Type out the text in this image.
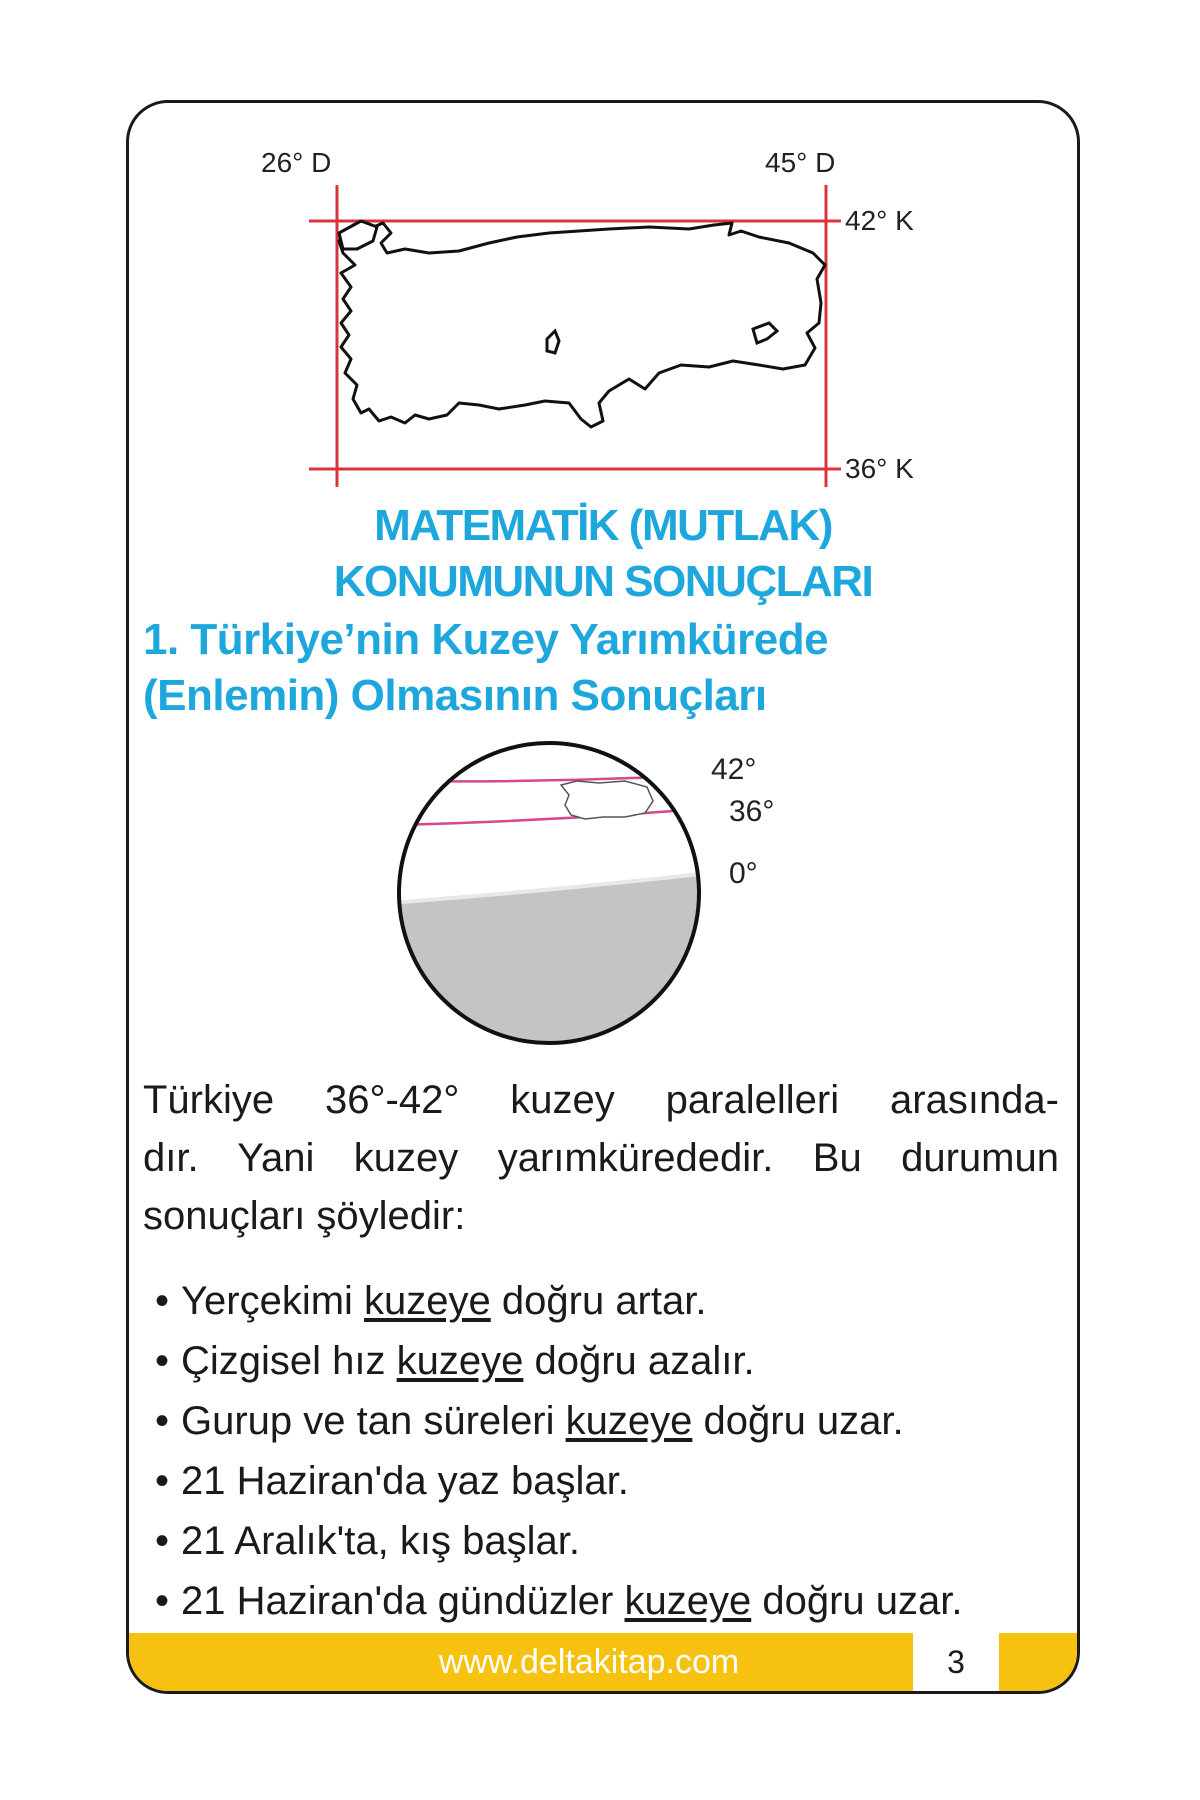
26° D	45° D
42° K
36° K
MATEMATİK (MUTLAK)
KONUMUNUN SONUÇLARI
1. Türkiye’nin Kuzey Yarımkürede
(Enlemin) Olmasının Sonuçları
42°
36°
0°
Türkiye 36°-42° kuzey paralelleri arasında-
dır. Yani kuzey yarımkürededir. Bu durumun
sonuçları şöyledir:
• Yerçekimi kuzeye doğru artar.
• Çizgisel hız kuzeye doğru azalır.
• Gurup ve tan süreleri kuzeye doğru uzar.
• 21 Haziran'da yaz başlar.
• 21 Aralık'ta, kış başlar.
• 21 Haziran'da gündüzler kuzeye doğru uzar.
www.deltakitap.com	3
